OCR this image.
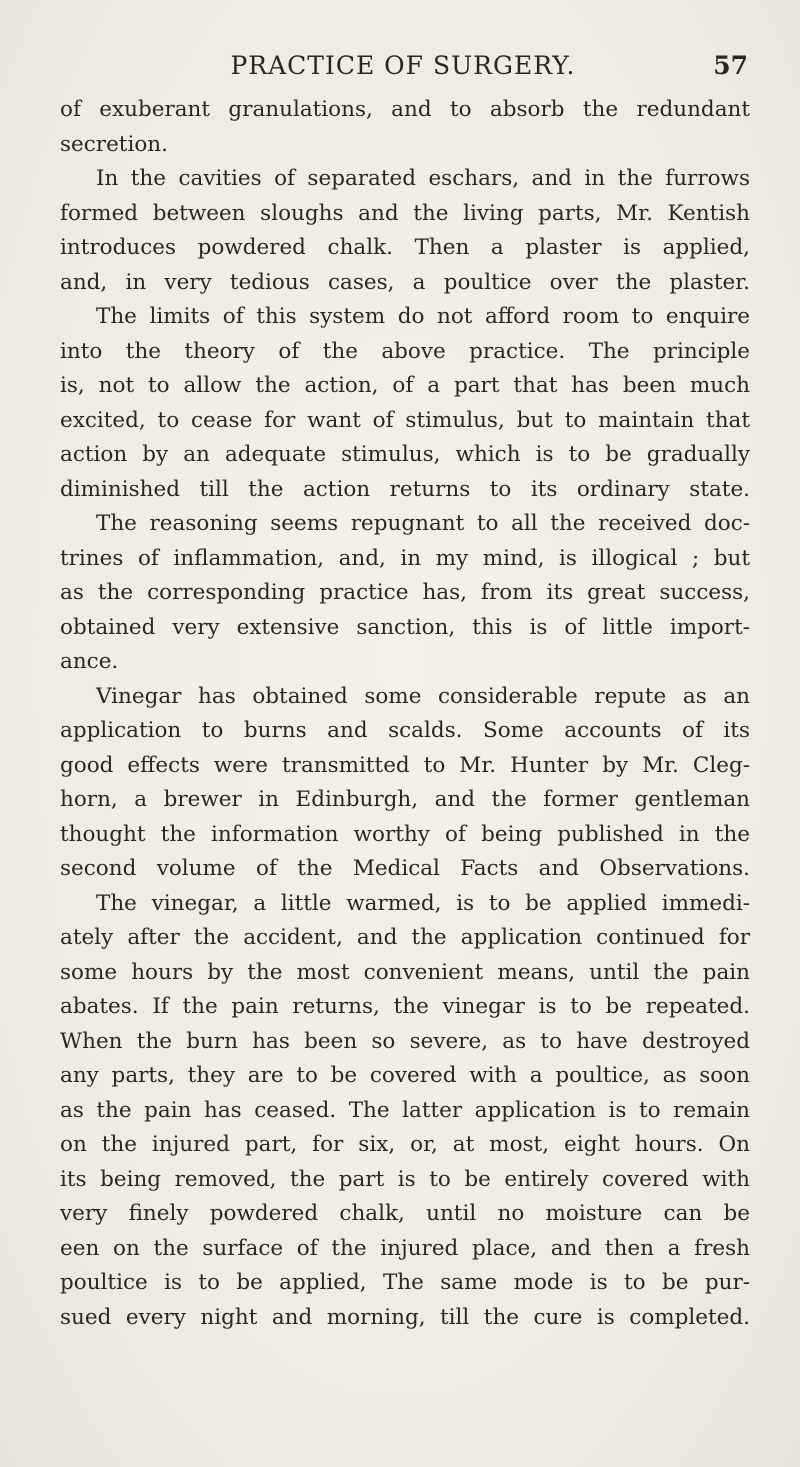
PRACTICE OF SURGERY.	57
of exuberant granulations, and to absorb the redundant
secretion.
In the cavities of separated eschars, and in the furrows
formed between sloughs and the living parts, Mr. Kentish
introduces powdered chalk. Then a plaster is applied,
and, in very tedious cases, a poultice over the plaster.
The limits of this system do not afford room to enquire
into the theory of the above practice. The principle
is, not to allow the action, of a part that has been much
excited, to cease for want of stimulus, but to maintain that
action by an adequate stimulus, which is to be gradually
diminished till the action returns to its ordinary state.
The reasoning seems repugnant to all the received doc-
trines of inflammation, and, in my mind, is illogical ; but
as the corresponding practice has, from its great success,
obtained very extensive sanction, this is of little import-
ance.
Vinegar has obtained some considerable repute as an
application to burns and scalds. Some accounts of its
good effects were transmitted to Mr. Hunter by Mr. Cleg-
horn, a brewer in Edinburgh, and the former gentleman
thought the information worthy of being published in the
second volume of the Medical Facts and Observations.
The vinegar, a little warmed, is to be applied immedi-
ately after the accident, and the application continued for
some hours by the most convenient means, until the pain
abates. If the pain returns, the vinegar is to be repeated.
When the burn has been so severe, as to have destroyed
any parts, they are to be covered with a poultice, as soon
as the pain has ceased. The latter application is to remain
on the injured part, for six, or, at most, eight hours. On
its being removed, the part is to be entirely covered with
very finely powdered chalk, until no moisture can be
een on the surface of the injured place, and then a fresh
poultice is to be applied, The same mode is to be pur-
sued every night and morning, till the cure is completed.
